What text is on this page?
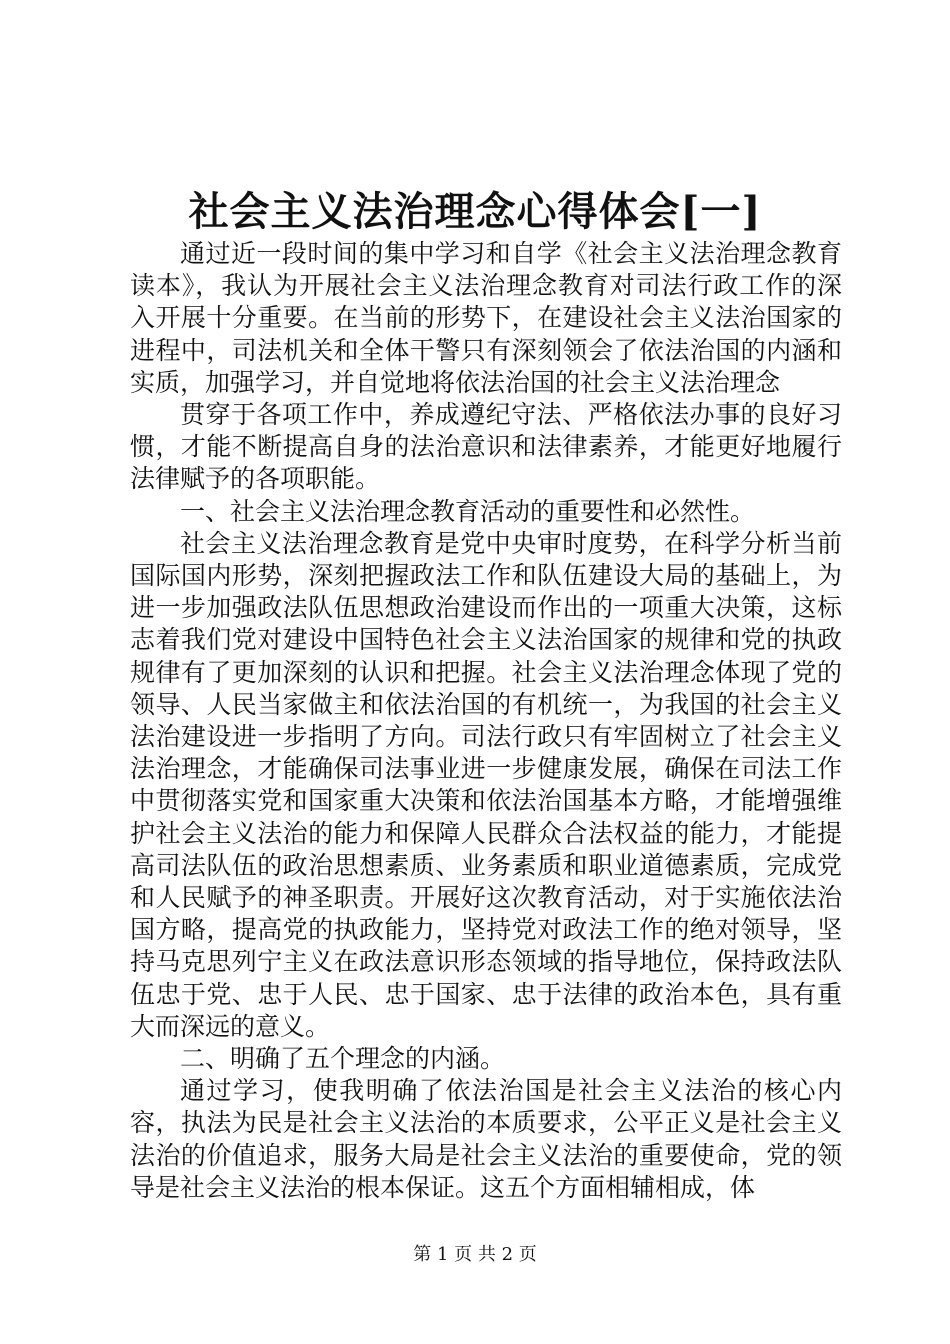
社会主义法治理念心得体会[一]

通过近一段时间的集中学习和自学《社会主义法治理念教育读本》，我认为开展社会主义法治理念教育对司法行政工作的深入开展十分重要。在当前的形势下，在建设社会主义法治国家的进程中，司法机关和全体干警只有深刻领会了依法治国的内涵和实质，加强学习，并自觉地将依法治国的社会主义法治理念

贯穿于各项工作中，养成遵纪守法、严格依法办事的良好习惯，才能不断提高自身的法治意识和法律素养，才能更好地履行法律赋予的各项职能。

一、社会主义法治理念教育活动的重要性和必然性。

社会主义法治理念教育是党中央审时度势，在科学分析当前国际国内形势，深刻把握政法工作和队伍建设大局的基础上，为进一步加强政法队伍思想政治建设而作出的一项重大决策，这标志着我们党对建设中国特色社会主义法治国家的规律和党的执政规律有了更加深刻的认识和把握。社会主义法治理念体现了党的领导、人民当家做主和依法治国的有机统一，为我国的社会主义法治建设进一步指明了方向。司法行政只有牢固树立了社会主义法治理念，才能确保司法事业进一步健康发展，确保在司法工作中贯彻落实党和国家重大决策和依法治国基本方略，才能增强维护社会主义法治的能力和保障人民群众合法权益的能力，才能提高司法队伍的政治思想素质、业务素质和职业道德素质，完成党和人民赋予的神圣职责。开展好这次教育活动，对于实施依法治国方略，提高党的执政能力，坚持党对政法工作的绝对领导，坚持马克思列宁主义在政法意识形态领域的指导地位，保持政法队伍忠于党、忠于人民、忠于国家、忠于法律的政治本色，具有重大而深远的意义。

二、明确了五个理念的内涵。

通过学习，使我明确了依法治国是社会主义法治的核心内容，执法为民是社会主义法治的本质要求，公平正义是社会主义法治的价值追求，服务大局是社会主义法治的重要使命，党的领导是社会主义法治的根本保证。这五个方面相辅相成，体

第 1 页 共 2 页
